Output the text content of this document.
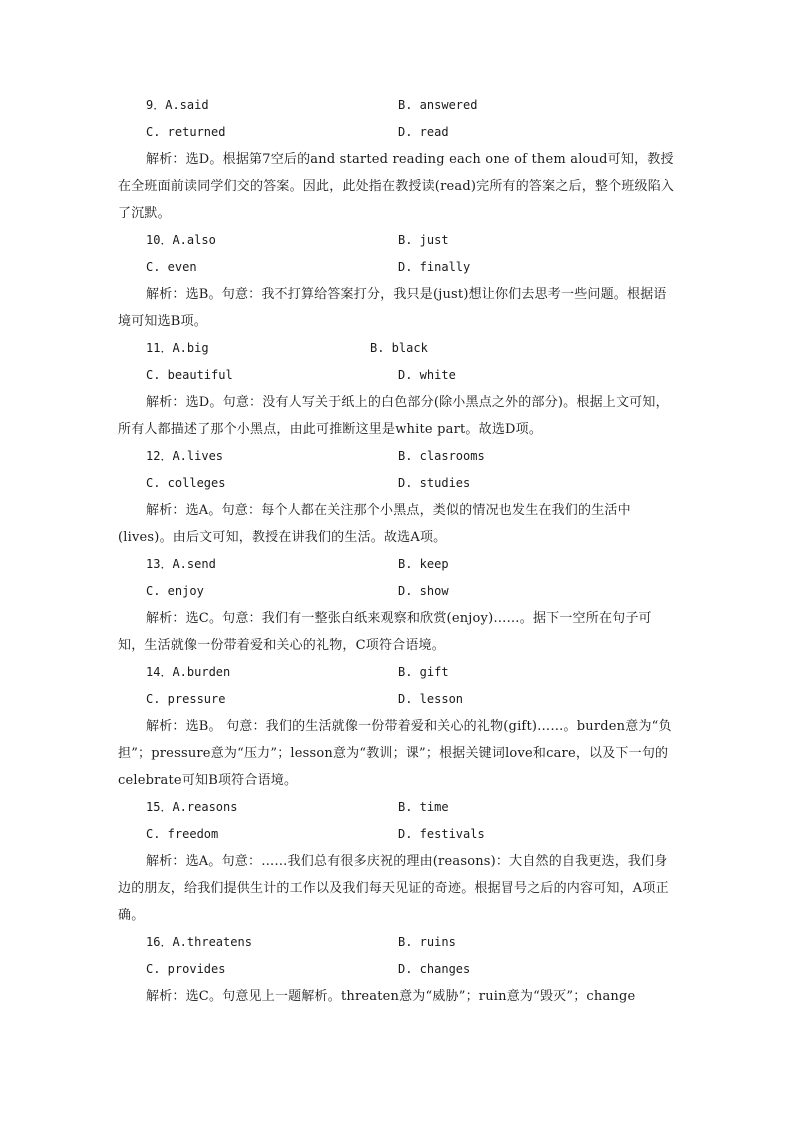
9．A.said	B. answered
C. returned	D. read
解析：选D。根据第7空后的and started reading each one of them aloud可知，教授在全班面前读同学们交的答案。因此，此处指在教授读(read)完所有的答案之后，整个班级陷入了沉默。
10．A.also	B. just
C. even	D. finally
解析：选B。句意：我不打算给答案打分，我只是(just)想让你们去思考一些问题。根据语境可知选B项。
11．A.big	B. black
C. beautiful	D. white
解析：选D。句意：没有人写关于纸上的白色部分(除小黑点之外的部分)。根据上文可知，所有人都描述了那个小黑点，由此可推断这里是white part。故选D项。
12．A.lives	B. clasrooms
C. colleges	D. studies
解析：选A。句意：每个人都在关注那个小黑点，类似的情况也发生在我们的生活中(lives)。由后文可知，教授在讲我们的生活。故选A项。
13．A.send	B. keep
C. enjoy	D. show
解析：选C。句意：我们有一整张白纸来观察和欣赏(enjoy)……。据下一空所在句子可知，生活就像一份带着爱和关心的礼物，C项符合语境。
14．A.burden	B. gift
C. pressure	D. lesson
解析：选B。 句意：我们的生活就像一份带着爱和关心的礼物(gift)……。burden意为“负担”；pressure意为“压力”；lesson意为“教训；课”；根据关键词love和care，以及下一句的celebrate可知B项符合语境。
15．A.reasons	B. time
C. freedom	D. festivals
解析：选A。句意：……我们总有很多庆祝的理由(reasons)：大自然的自我更迭，我们身边的朋友，给我们提供生计的工作以及我们每天见证的奇迹。根据冒号之后的内容可知，A项正确。
16．A.threatens	B. ruins
C. provides	D. changes
解析：选C。句意见上一题解析。threaten意为“威胁”；ruin意为“毁灭”；change
